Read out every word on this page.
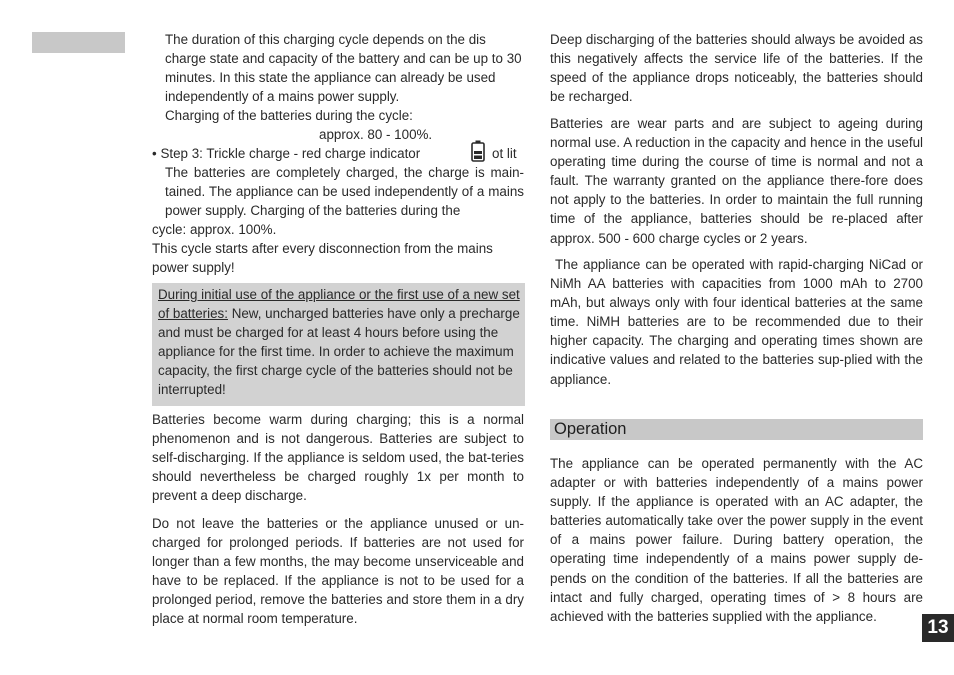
The duration of this charging cycle depends on the dis charge state and capacity of the battery and can be up to 30 minutes. In this state the appliance can already be used independently of a mains power supply.

Charging of the batteries during the cycle:

approx. 80 - 100%.

• Step 3: Trickle charge - red charge indicator	ot lit

The batteries are completely charged, the charge is main-tained. The appliance can be used independently of a mains power supply. Charging of the batteries during the

cycle: approx. 100%.

This cycle starts after every disconnection from the mains power supply!

During initial use of the appliance or the first use of a new set of batteries: New, uncharged batteries have only a precharge and must be charged for at least 4 hours before using the appliance for the first time. In order to achieve the maximum capacity, the first charge cycle of the batteries should not be interrupted!

Batteries become warm during charging; this is a normal phenomenon and is not dangerous. Batteries are subject to self-discharging. If the appliance is seldom used, the bat-teries should nevertheless be charged roughly 1x per month to prevent a deep discharge.

Do not leave the batteries or the appliance unused or un-charged for prolonged periods. If batteries are not used for longer than a few months, the may become unserviceable and have to be replaced. If the appliance is not to be used for a prolonged period, remove the batteries and store them in a dry place at normal room temperature.

Deep discharging of the batteries should always be avoided as this negatively affects the service life of the batteries. If the speed of the appliance drops noticeably, the batteries should be recharged.

Batteries are wear parts and are subject to ageing during normal use. A reduction in the capacity and hence in the useful operating time during the course of time is normal and not a fault. The warranty granted on the appliance there-fore does not apply to the batteries. In order to maintain the full running time of the appliance, batteries should be re-placed after approx. 500 - 600 charge cycles or 2 years.

The appliance can be operated with rapid-charging NiCad or NiMh AA batteries with capacities from 1000 mAh to 2700 mAh, but always only with four identical batteries at the same time. NiMH batteries are to be recommended due to their higher capacity. The charging and operating times shown are indicative values and related to the batteries sup-plied with the appliance.

Operation

The appliance can be operated permanently with the AC adapter or with batteries independently of a mains power supply. If the appliance is operated with an AC adapter, the batteries automatically take over the power supply in the event of a mains power failure. During battery operation, the operating time independently of a mains power supply de-pends on the condition of the batteries. If all the batteries are intact and fully charged, operating times of > 8 hours are achieved with the batteries supplied with the appliance.

13
